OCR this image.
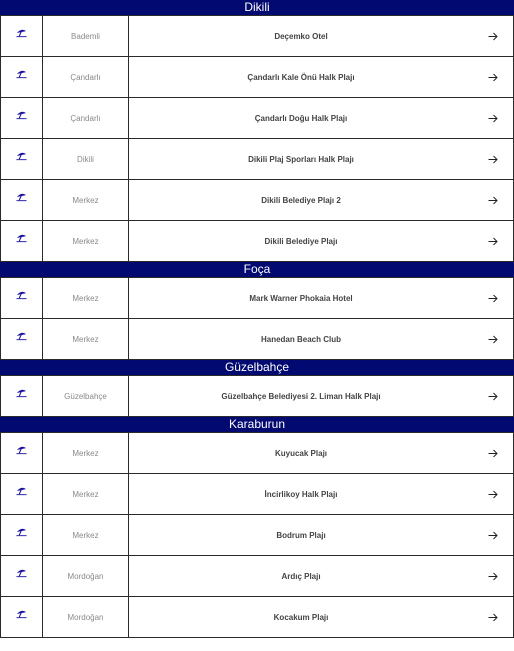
Dikili
Bademli	Deçemko Otel
Çandarlı	Çandarlı Kale Önü Halk Plajı
Çandarlı	Çandarlı Doğu Halk Plajı
Dikili	Dikili Plaj Sporları Halk Plajı
Merkez	Dikili Belediye Plajı 2
Merkez	Dikili Belediye Plajı
Foça
Merkez	Mark Warner Phokaia Hotel
Merkez	Hanedan Beach Club
Güzelbahçe
Güzelbahçe	Güzelbahçe Belediyesi 2. Liman Halk Plajı
Karaburun
Merkez	Kuyucak Plajı
Merkez	İncirlikoy Halk Plajı
Merkez	Bodrum Plajı
Mordoğan	Ardıç Plajı
Mordoğan	Kocakum Plajı
